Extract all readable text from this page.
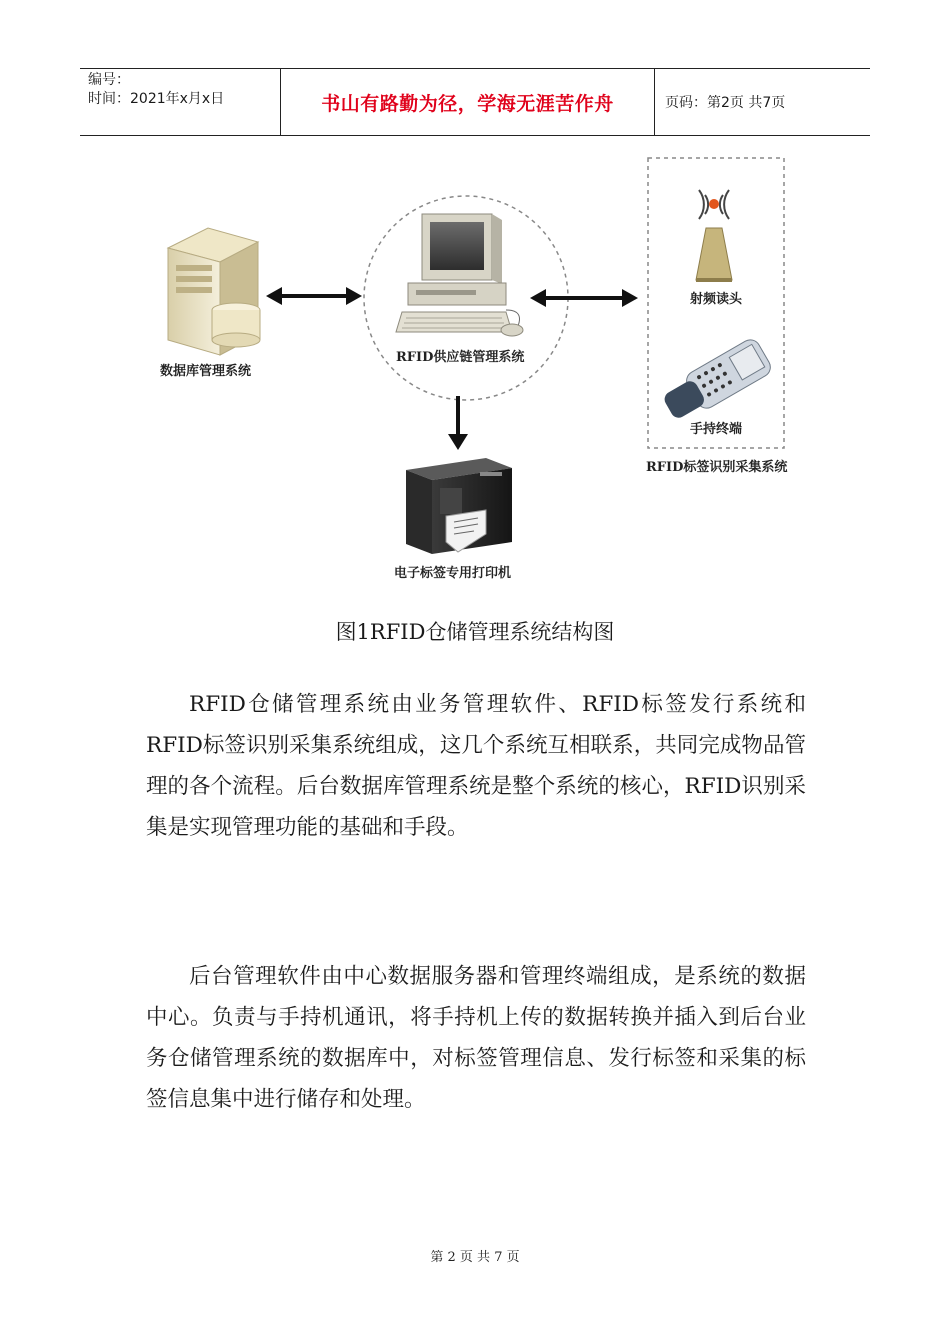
编号：
时间：2021年x月x日	书山有路勤为径，学海无涯苦作舟	页码：第2页 共7页
数据库管理系统
RFID供应链管理系统
射频读头
手持终端
RFID标签识别采集系统
电子标签专用打印机
图1RFID仓储管理系统结构图

RFID仓储管理系统由业务管理软件、RFID标签发行系统和RFID标签识别采集系统组成，这几个系统互相联系，共同完成物品管理的各个流程。后台数据库管理系统是整个系统的核心，RFID识别采集是实现管理功能的基础和手段。

后台管理软件由中心数据服务器和管理终端组成，是系统的数据中心。负责与手持机通讯，将手持机上传的数据转换并插入到后台业务仓储管理系统的数据库中，对标签管理信息、发行标签和采集的标签信息集中进行储存和处理。

第 2 页 共 7 页
